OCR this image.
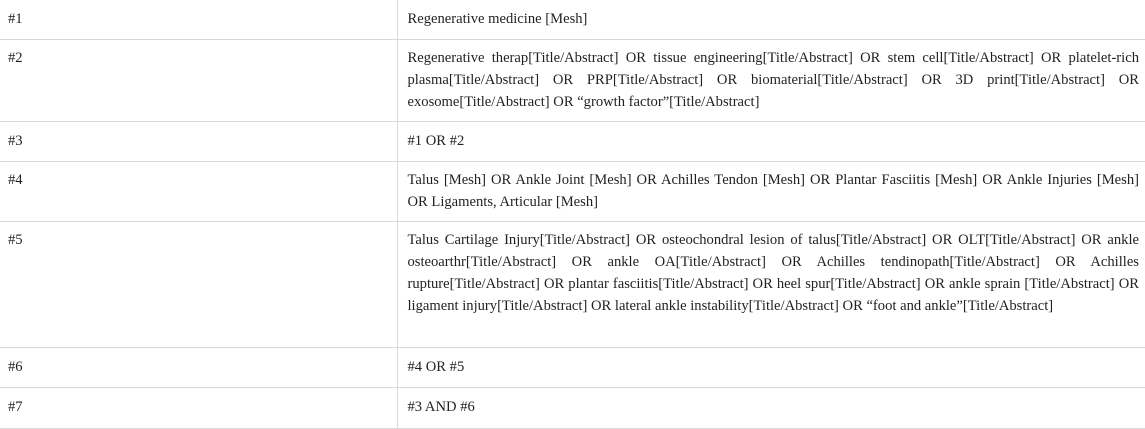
#1	Regenerative medicine [Mesh]
#2	Regenerative therap[Title/Abstract] OR tissue engineering[Title/Abstract] OR stem cell[Title/Abstract] OR platelet-rich plasma[Title/Abstract] OR PRP[Title/Abstract] OR biomaterial[Title/Abstract] OR 3D print[Title/Abstract] OR exosome[Title/Abstract] OR “growth factor”[Title/Abstract]
#3	#1 OR #2
#4	Talus [Mesh] OR Ankle Joint [Mesh] OR Achilles Tendon [Mesh] OR Plantar Fasciitis [Mesh] OR Ankle Injuries [Mesh] OR Ligaments, Articular [Mesh]
#5	Talus Cartilage Injury[Title/Abstract] OR osteochondral lesion of talus[Title/Abstract] OR OLT[Title/Abstract] OR ankle osteoarthr[Title/Abstract] OR ankle OA[Title/Abstract] OR Achilles tendinopath[Title/Abstract] OR Achilles rupture[Title/Abstract] OR plantar fasciitis[Title/Abstract] OR heel spur[Title/Abstract] OR ankle sprain [Title/Abstract] OR ligament injury[Title/Abstract] OR lateral ankle instability[Title/Abstract] OR “foot and ankle”[Title/Abstract]
#6	#4 OR #5
#7	#3 AND #6
